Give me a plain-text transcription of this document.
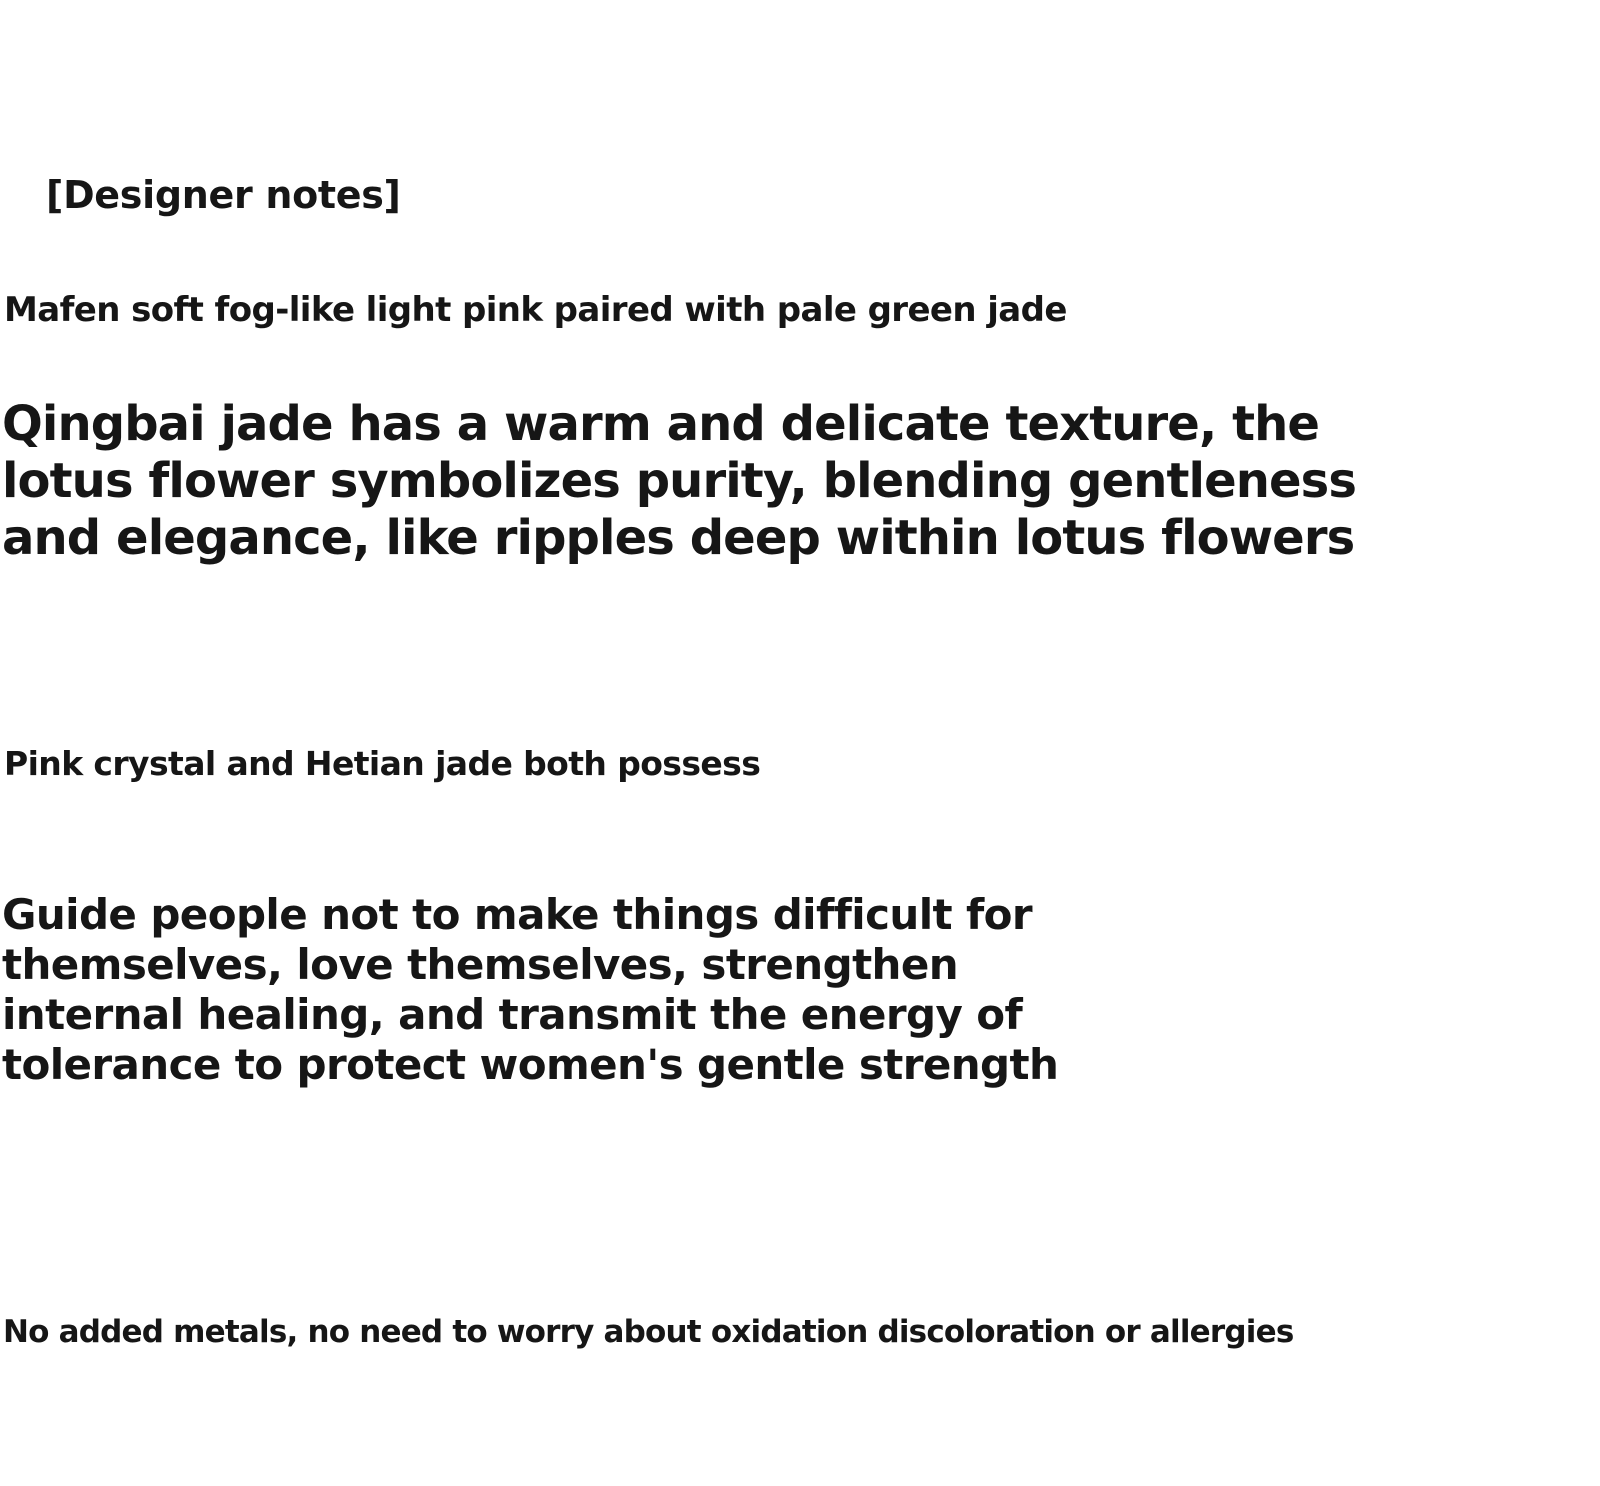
[Designer notes]

Mafen soft fog-like light pink paired with pale green jade

Qingbai jade has a warm and delicate texture, the
lotus flower symbolizes purity, blending gentleness
and elegance, like ripples deep within lotus flowers

Pink crystal and Hetian jade both possess

Guide people not to make things difficult for
themselves, love themselves, strengthen
internal healing, and transmit the energy of
tolerance to protect women's gentle strength

No added metals, no need to worry about oxidation discoloration or allergies
